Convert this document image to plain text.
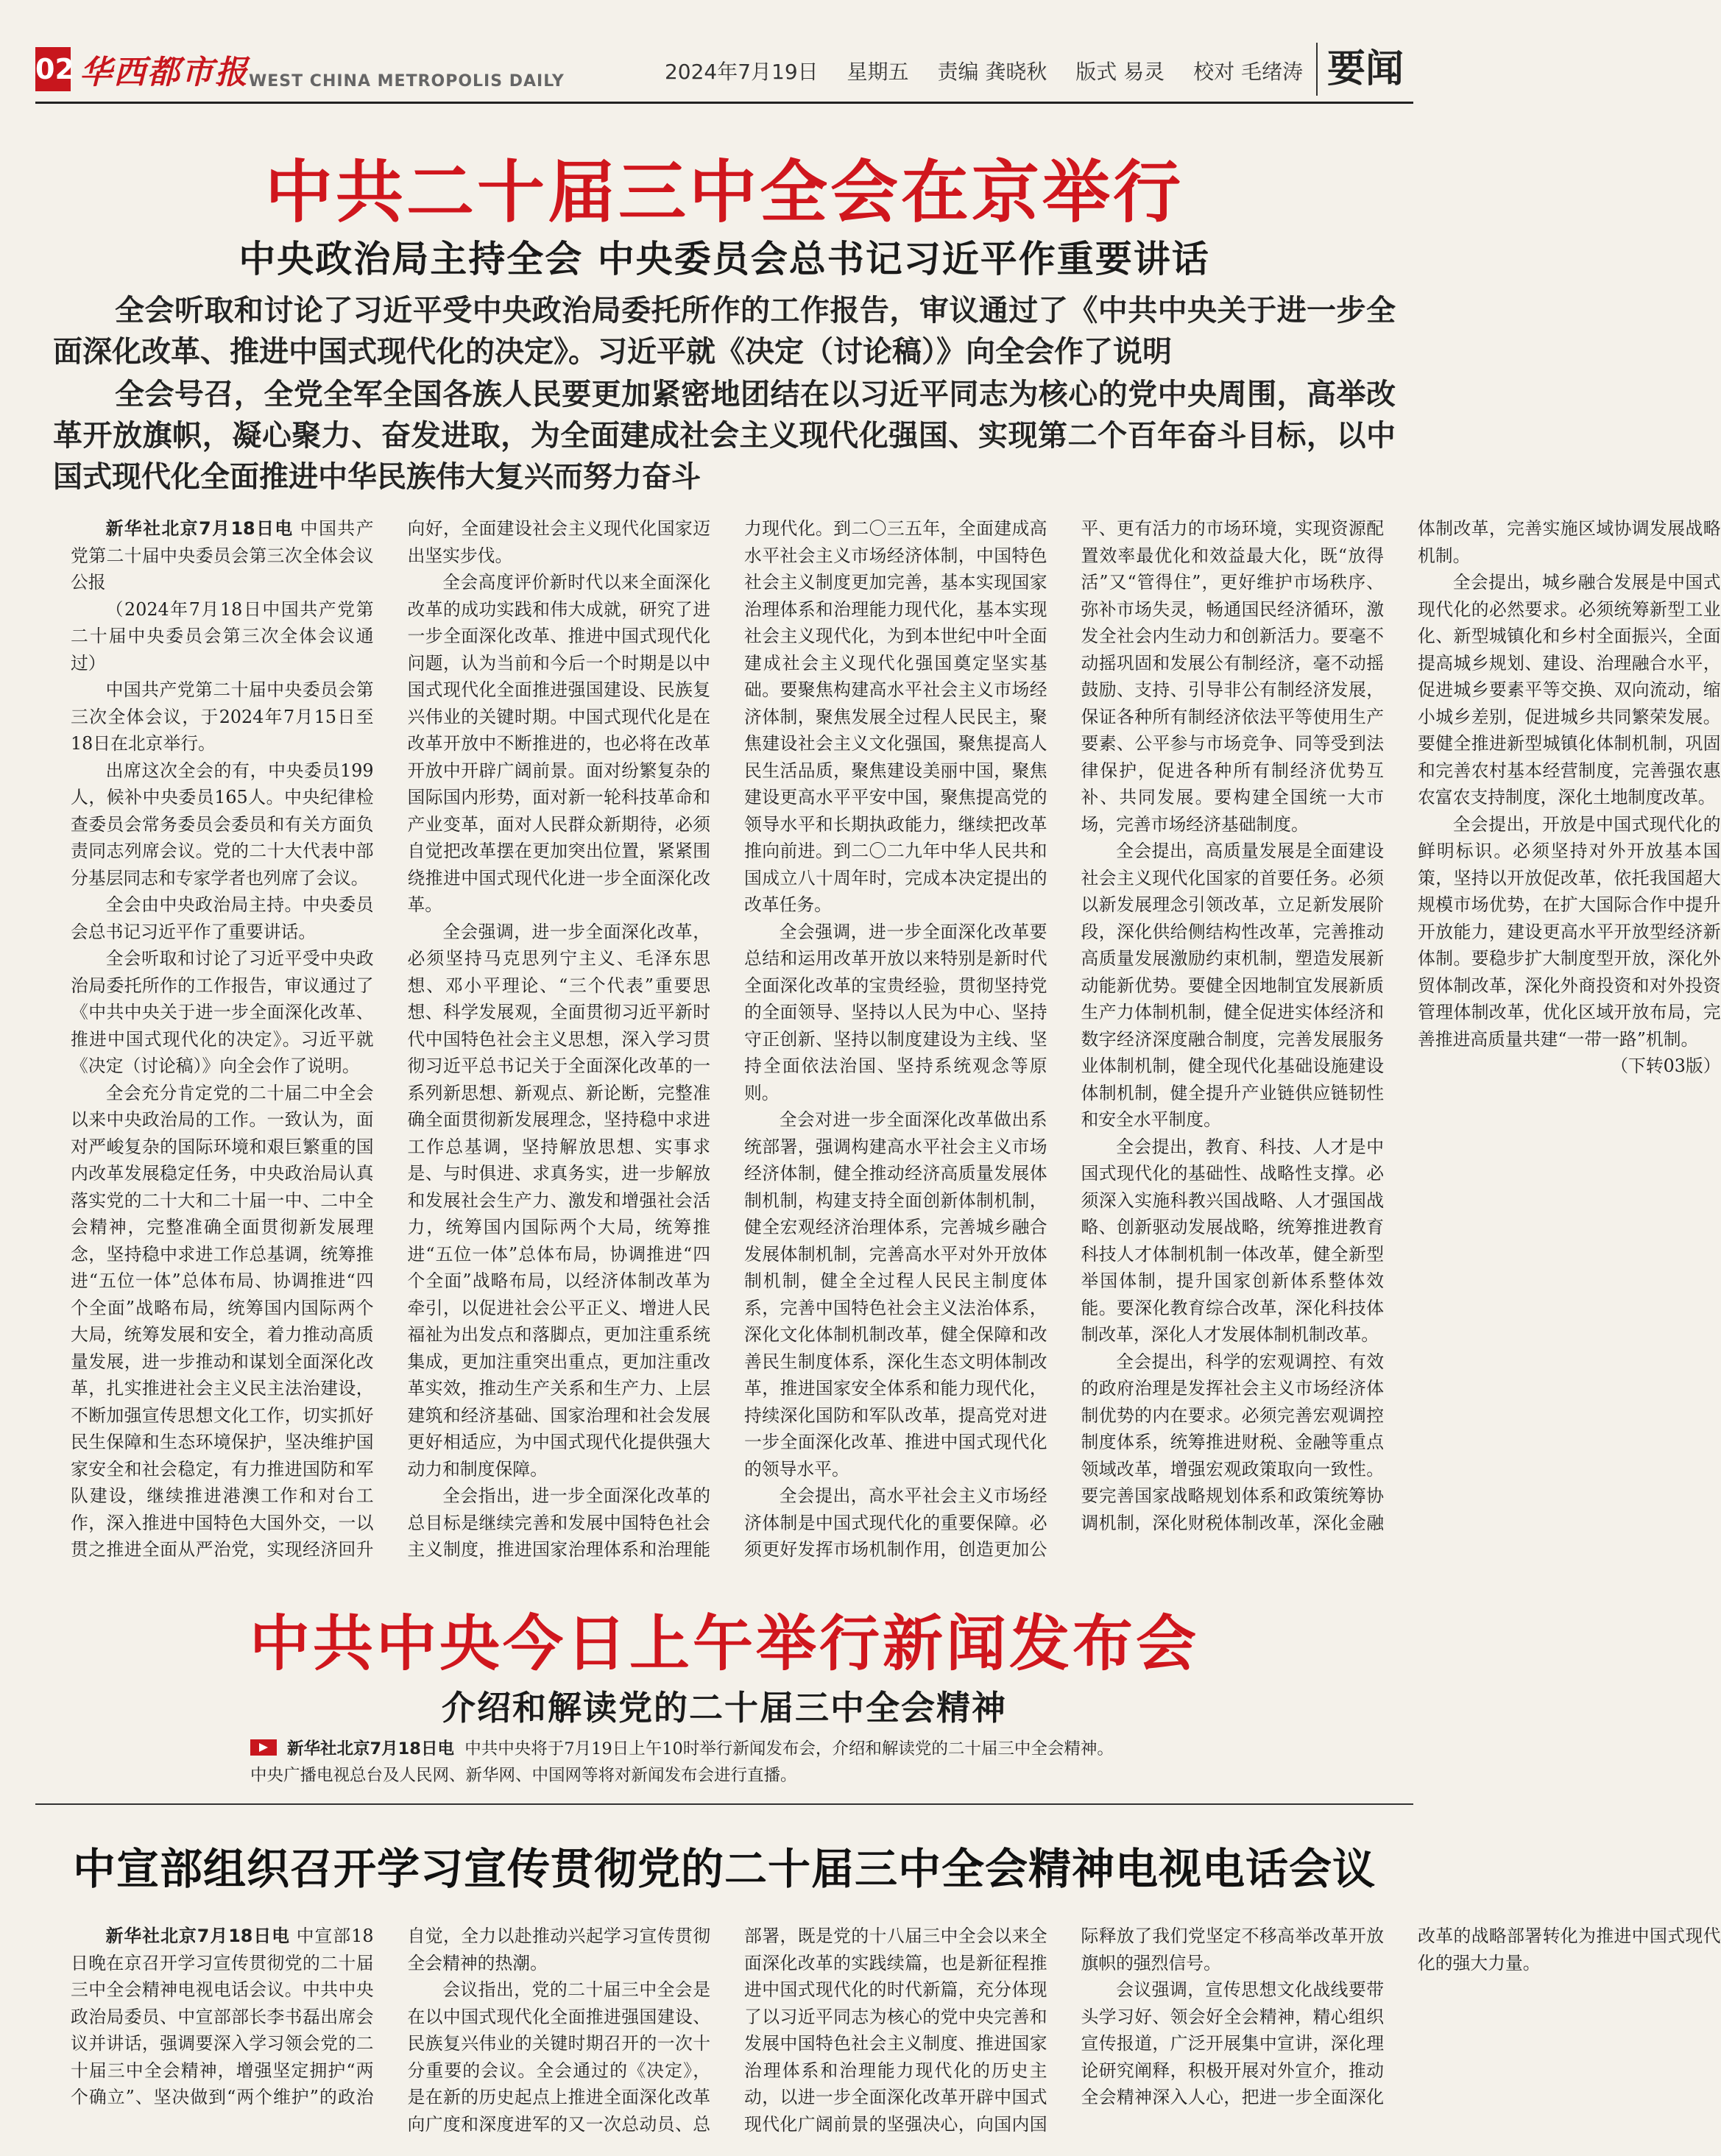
02 华西都市报 WEST CHINA METROPOLIS DAILY	2024年7月19日 星期五 责编 龚晓秋 版式 易灵 校对 毛绪涛 要闻
中共二十届三中全会在京举行
中央政治局主持全会 中央委员会总书记习近平作重要讲话

全会听取和讨论了习近平受中央政治局委托所作的工作报告，审议通过了《中共中央关于进一步全面深化改革、推进中国式现代化的决定》。习近平就《决定（讨论稿）》向全会作了说明

全会号召，全党全军全国各族人民要更加紧密地团结在以习近平同志为核心的党中央周围，高举改革开放旗帜，凝心聚力、奋发进取，为全面建成社会主义现代化强国、实现第二个百年奋斗目标，以中国式现代化全面推进中华民族伟大复兴而努力奋斗

新华社北京7月18日电 中国共产党第二十届中央委员会第三次全体会议公报

（2024年7月18日中国共产党第二十届中央委员会第三次全体会议通过）

中国共产党第二十届中央委员会第三次全体会议，于2024年7月15日至18日在北京举行。

出席这次全会的有，中央委员199人，候补中央委员165人。中央纪律检查委员会常务委员会委员和有关方面负责同志列席会议。党的二十大代表中部分基层同志和专家学者也列席了会议。

全会由中央政治局主持。中央委员会总书记习近平作了重要讲话。

全会听取和讨论了习近平受中央政治局委托所作的工作报告，审议通过了《中共中央关于进一步全面深化改革、推进中国式现代化的决定》。习近平就《决定（讨论稿）》向全会作了说明。

全会充分肯定党的二十届二中全会以来中央政治局的工作。一致认为，面对严峻复杂的国际环境和艰巨繁重的国内改革发展稳定任务，中央政治局认真落实党的二十大和二十届一中、二中全会精神，完整准确全面贯彻新发展理念，坚持稳中求进工作总基调，统筹推进“五位一体”总体布局、协调推进“四个全面”战略布局，统筹国内国际两个大局，统筹发展和安全，着力推动高质量发展，进一步推动和谋划全面深化改革，扎实推进社会主义民主法治建设，不断加强宣传思想文化工作，切实抓好民生保障和生态环境保护，坚决维护国家安全和社会稳定，有力推进国防和军队建设，继续推进港澳工作和对台工作，深入推进中国特色大国外交，一以贯之推进全面从严治党，实现经济回升向好，全面建设社会主义现代化国家迈出坚实步伐。

全会高度评价新时代以来全面深化改革的成功实践和伟大成就，研究了进一步全面深化改革、推进中国式现代化问题，认为当前和今后一个时期是以中国式现代化全面推进强国建设、民族复兴伟业的关键时期。中国式现代化是在改革开放中不断推进的，也必将在改革开放中开辟广阔前景。面对纷繁复杂的国际国内形势，面对新一轮科技革命和产业变革，面对人民群众新期待，必须自觉把改革摆在更加突出位置，紧紧围绕推进中国式现代化进一步全面深化改革。

全会强调，进一步全面深化改革，必须坚持马克思列宁主义、毛泽东思想、邓小平理论、“三个代表”重要思想、科学发展观，全面贯彻习近平新时代中国特色社会主义思想，深入学习贯彻习近平总书记关于全面深化改革的一系列新思想、新观点、新论断，完整准确全面贯彻新发展理念，坚持稳中求进工作总基调，坚持解放思想、实事求是、与时俱进、求真务实，进一步解放和发展社会生产力、激发和增强社会活力，统筹国内国际两个大局，统筹推进“五位一体”总体布局，协调推进“四个全面”战略布局，以经济体制改革为牵引，以促进社会公平正义、增进人民福祉为出发点和落脚点，更加注重系统集成，更加注重突出重点，更加注重改革实效，推动生产关系和生产力、上层建筑和经济基础、国家治理和社会发展更好相适应，为中国式现代化提供强大动力和制度保障。

全会指出，进一步全面深化改革的总目标是继续完善和发展中国特色社会主义制度，推进国家治理体系和治理能力现代化。到二〇三五年，全面建成高水平社会主义市场经济体制，中国特色社会主义制度更加完善，基本实现国家治理体系和治理能力现代化，基本实现社会主义现代化，为到本世纪中叶全面建成社会主义现代化强国奠定坚实基础。要聚焦构建高水平社会主义市场经济体制，聚焦发展全过程人民民主，聚焦建设社会主义文化强国，聚焦提高人民生活品质，聚焦建设美丽中国，聚焦建设更高水平平安中国，聚焦提高党的领导水平和长期执政能力，继续把改革推向前进。到二〇二九年中华人民共和国成立八十周年时，完成本决定提出的改革任务。

全会强调，进一步全面深化改革要总结和运用改革开放以来特别是新时代全面深化改革的宝贵经验，贯彻坚持党的全面领导、坚持以人民为中心、坚持守正创新、坚持以制度建设为主线、坚持全面依法治国、坚持系统观念等原则。

全会对进一步全面深化改革做出系统部署，强调构建高水平社会主义市场经济体制，健全推动经济高质量发展体制机制，构建支持全面创新体制机制，健全宏观经济治理体系，完善城乡融合发展体制机制，完善高水平对外开放体制机制，健全全过程人民民主制度体系，完善中国特色社会主义法治体系，深化文化体制机制改革，健全保障和改善民生制度体系，深化生态文明体制改革，推进国家安全体系和能力现代化，持续深化国防和军队改革，提高党对进一步全面深化改革、推进中国式现代化的领导水平。

全会提出，高水平社会主义市场经济体制是中国式现代化的重要保障。必须更好发挥市场机制作用，创造更加公平、更有活力的市场环境，实现资源配置效率最优化和效益最大化，既“放得活”又“管得住”，更好维护市场秩序、弥补市场失灵，畅通国民经济循环，激发全社会内生动力和创新活力。要毫不动摇巩固和发展公有制经济，毫不动摇鼓励、支持、引导非公有制经济发展，保证各种所有制经济依法平等使用生产要素、公平参与市场竞争、同等受到法律保护，促进各种所有制经济优势互补、共同发展。要构建全国统一大市场，完善市场经济基础制度。

全会提出，高质量发展是全面建设社会主义现代化国家的首要任务。必须以新发展理念引领改革，立足新发展阶段，深化供给侧结构性改革，完善推动高质量发展激励约束机制，塑造发展新动能新优势。要健全因地制宜发展新质生产力体制机制，健全促进实体经济和数字经济深度融合制度，完善发展服务业体制机制，健全现代化基础设施建设体制机制，健全提升产业链供应链韧性和安全水平制度。

全会提出，教育、科技、人才是中国式现代化的基础性、战略性支撑。必须深入实施科教兴国战略、人才强国战略、创新驱动发展战略，统筹推进教育科技人才体制机制一体改革，健全新型举国体制，提升国家创新体系整体效能。要深化教育综合改革，深化科技体制改革，深化人才发展体制机制改革。

全会提出，科学的宏观调控、有效的政府治理是发挥社会主义市场经济体制优势的内在要求。必须完善宏观调控制度体系，统筹推进财税、金融等重点领域改革，增强宏观政策取向一致性。要完善国家战略规划体系和政策统筹协调机制，深化财税体制改革，深化金融体制改革，完善实施区域协调发展战略机制。

全会提出，城乡融合发展是中国式现代化的必然要求。必须统筹新型工业化、新型城镇化和乡村全面振兴，全面提高城乡规划、建设、治理融合水平，促进城乡要素平等交换、双向流动，缩小城乡差别，促进城乡共同繁荣发展。要健全推进新型城镇化体制机制，巩固和完善农村基本经营制度，完善强农惠农富农支持制度，深化土地制度改革。

全会提出，开放是中国式现代化的鲜明标识。必须坚持对外开放基本国策，坚持以开放促改革，依托我国超大规模市场优势，在扩大国际合作中提升开放能力，建设更高水平开放型经济新体制。要稳步扩大制度型开放，深化外贸体制改革，深化外商投资和对外投资管理体制改革，优化区域开放布局，完善推进高质量共建“一带一路”机制。

（下转03版）
中共中央今日上午举行新闻发布会
介绍和解读党的二十届三中全会精神
新华社北京7月18日电 中共中央将于7月19日上午10时举行新闻发布会，介绍和解读党的二十届三中全会精神。
中央广播电视总台及人民网、新华网、中国网等将对新闻发布会进行直播。
中宣部组织召开学习宣传贯彻党的二十届三中全会精神电视电话会议

新华社北京7月18日电 中宣部18日晚在京召开学习宣传贯彻党的二十届三中全会精神电视电话会议。中共中央政治局委员、中宣部部长李书磊出席会议并讲话，强调要深入学习领会党的二十届三中全会精神，增强坚定拥护“两个确立”、坚决做到“两个维护”的政治自觉，全力以赴推动兴起学习宣传贯彻全会精神的热潮。

会议指出，党的二十届三中全会是在以中国式现代化全面推进强国建设、民族复兴伟业的关键时期召开的一次十分重要的会议。全会通过的《决定》，是在新的历史起点上推进全面深化改革向广度和深度进军的又一次总动员、总部署，既是党的十八届三中全会以来全面深化改革的实践续篇，也是新征程推进中国式现代化的时代新篇，充分体现了以习近平同志为核心的党中央完善和发展中国特色社会主义制度、推进国家治理体系和治理能力现代化的历史主动，以进一步全面深化改革开辟中国式现代化广阔前景的坚强决心，向国内国际释放了我们党坚定不移高举改革开放旗帜的强烈信号。

会议强调，宣传思想文化战线要带头学习好、领会好全会精神，精心组织宣传报道，广泛开展集中宣讲，深化理论研究阐释，积极开展对外宣介，推动全会精神深入人心，把进一步全面深化改革的战略部署转化为推进中国式现代化的强大力量。
